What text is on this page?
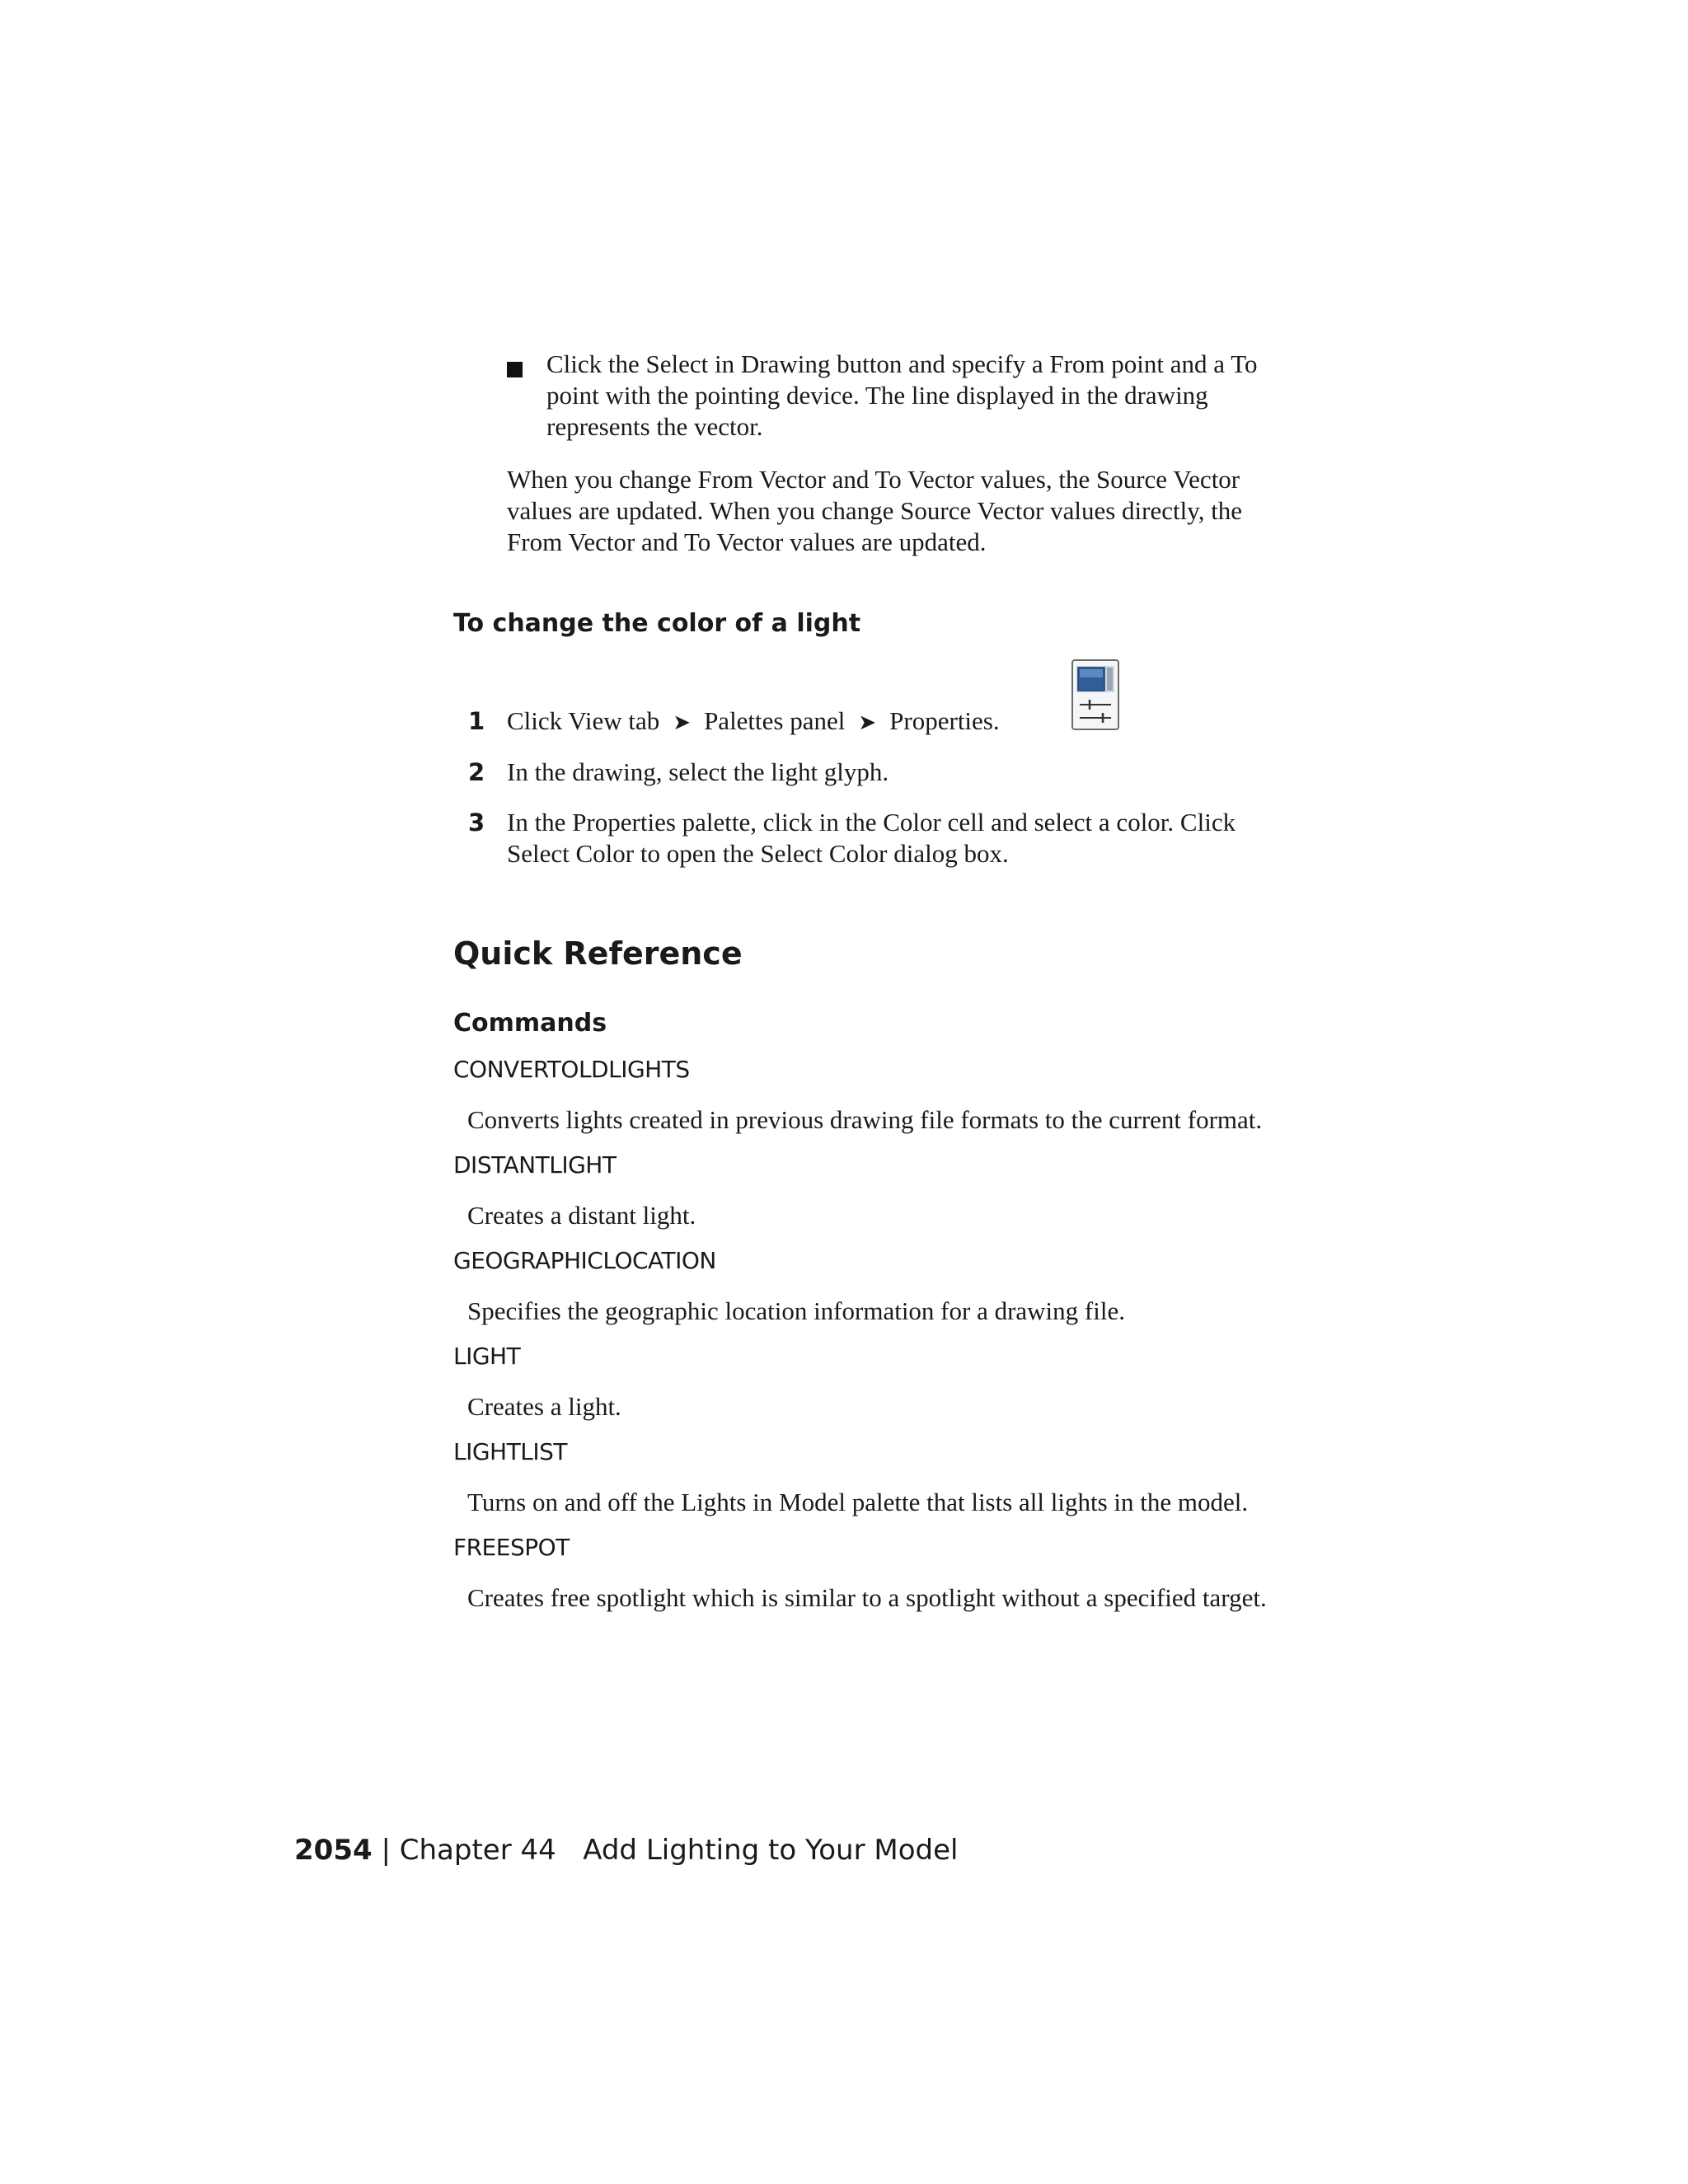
Click the Select in Drawing button and specify a From point and a To
point with the pointing device. The line displayed in the drawing
represents the vector.
When you change From Vector and To Vector values, the Source Vector
values are updated. When you change Source Vector values directly, the
From Vector and To Vector values are updated.
To change the color of a light
1 Click View tab ➤ Palettes panel ➤ Properties.
2 In the drawing, select the light glyph.
3 In the Properties palette, click in the Color cell and select a color. Click
Select Color to open the Select Color dialog box.
Quick Reference
Commands
CONVERTOLDLIGHTS
Converts lights created in previous drawing file formats to the current format.
DISTANTLIGHT
Creates a distant light.
GEOGRAPHICLOCATION
Specifies the geographic location information for a drawing file.
LIGHT
Creates a light.
LIGHTLIST
Turns on and off the Lights in Model palette that lists all lights in the model.
FREESPOT
Creates free spotlight which is similar to a spotlight without a specified target.
2054 | Chapter 44 Add Lighting to Your Model
